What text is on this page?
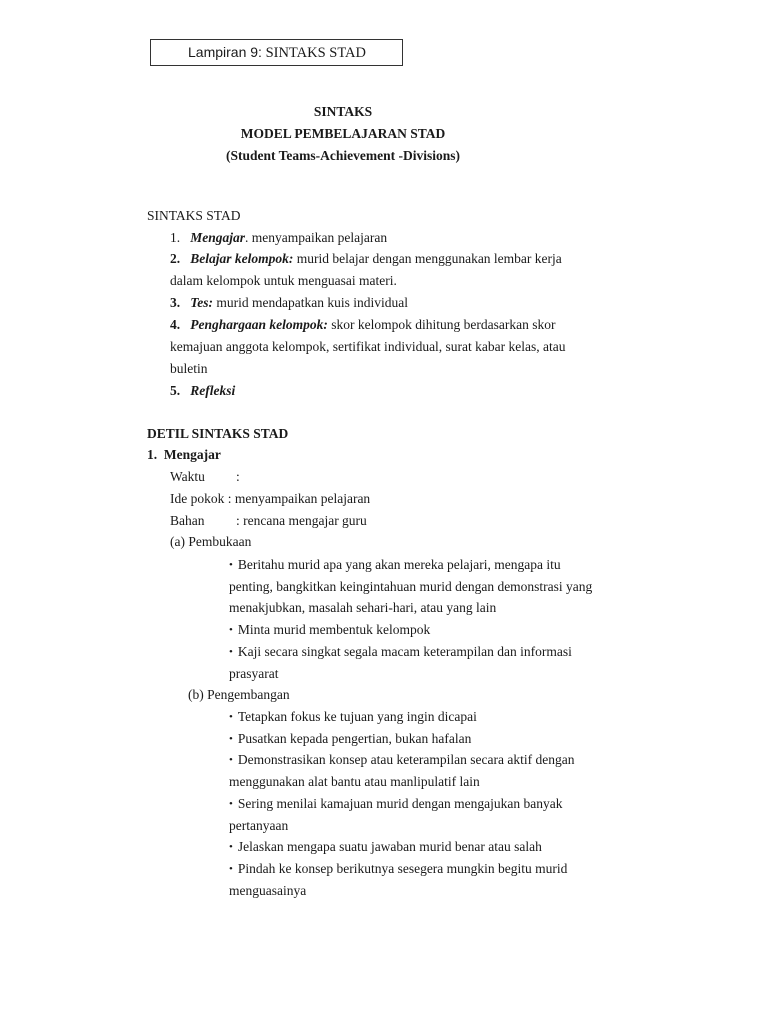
Lampiran 9: SINTAKS STAD
SINTAKS
MODEL PEMBELAJARAN STAD
(Student Teams-Achievement -Divisions)
SINTAKS STAD
1. Mengajar. menyampaikan pelajaran
2. Belajar kelompok: murid belajar dengan menggunakan lembar kerja
dalam kelompok untuk menguasai materi.
3. Tes: murid mendapatkan kuis individual
4. Penghargaan kelompok: skor kelompok dihitung berdasarkan skor
kemajuan anggota kelompok, sertifikat individual, surat kabar kelas, atau
buletin
5. Refleksi
DETIL SINTAKS STAD
1. Mengajar
Waktu :
Ide pokok : menyampaikan pelajaran
Bahan : rencana mengajar guru
(a) Pembukaan
• Beritahu murid apa yang akan mereka pelajari, mengapa itu
penting, bangkitkan keingintahuan murid dengan demonstrasi yang
menakjubkan, masalah sehari-hari, atau yang lain
• Minta murid membentuk kelompok
• Kaji secara singkat segala macam keterampilan dan informasi
prasyarat
(b) Pengembangan
• Tetapkan fokus ke tujuan yang ingin dicapai
• Pusatkan kepada pengertian, bukan hafalan
• Demonstrasikan konsep atau keterampilan secara aktif dengan
menggunakan alat bantu atau manlipulatif lain
• Sering menilai kamajuan murid dengan mengajukan banyak
pertanyaan
• Jelaskan mengapa suatu jawaban murid benar atau salah
• Pindah ke konsep berikutnya sesegera mungkin begitu murid
menguasainya
